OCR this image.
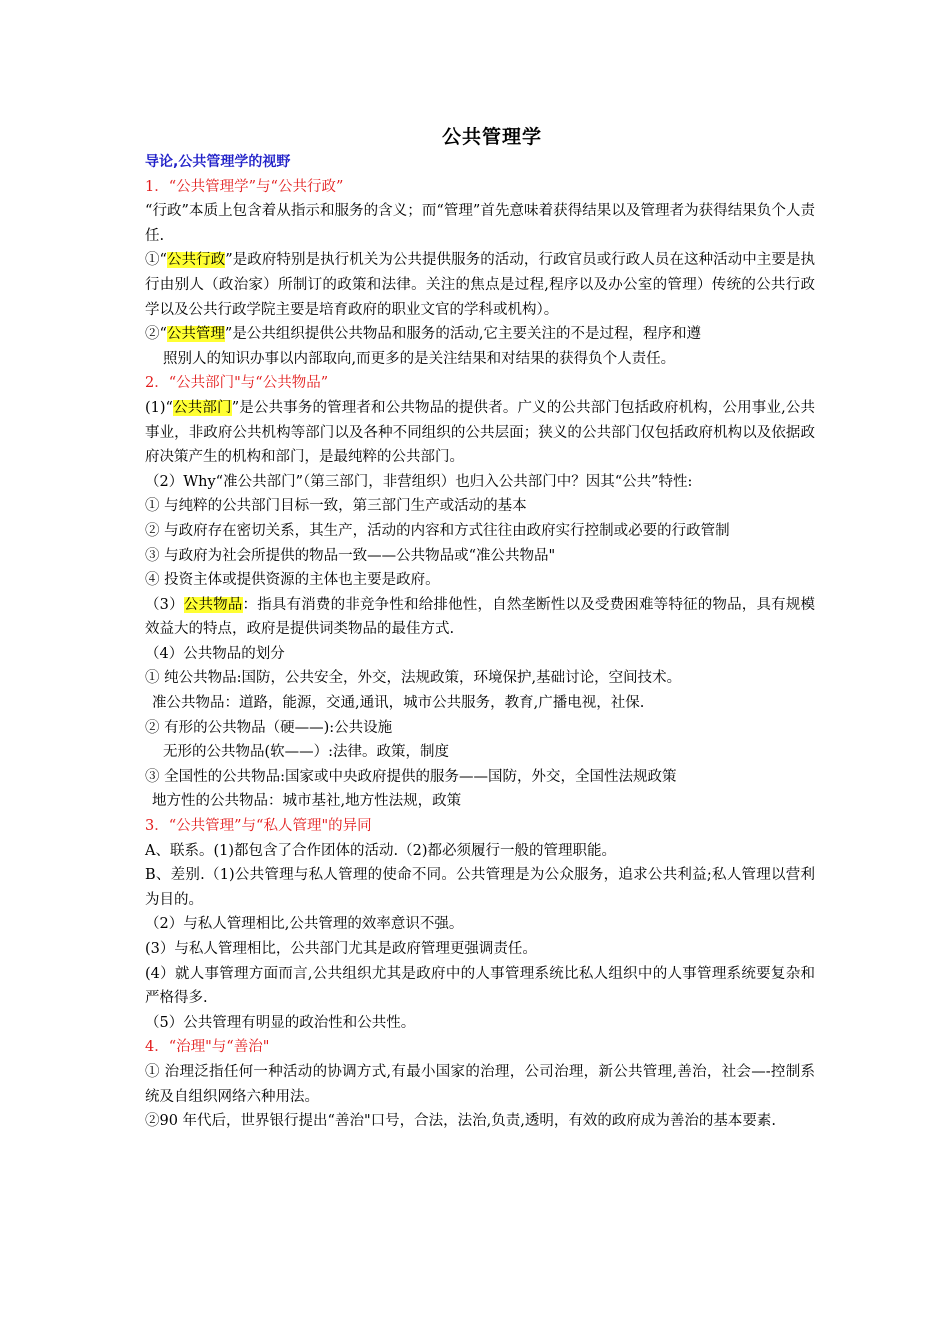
公共管理学

导论,公共管理学的视野

1．“公共管理学”与“公共行政”

“行政”本质上包含着从指示和服务的含义；而“管理”首先意味着获得结果以及管理者为获得结果负个人责任.

①“公共行政”是政府特别是执行机关为公共提供服务的活动，行政官员或行政人员在这种活动中主要是执行由别人（政治家）所制订的政策和法律。关注的焦点是过程,程序以及办公室的管理）传统的公共行政学以及公共行政学院主要是培育政府的职业文官的学科或机构）。

②“公共管理”是公共组织提供公共物品和服务的活动,它主要关注的不是过程，程序和遵

照别人的知识办事以内部取向,而更多的是关注结果和对结果的获得负个人责任。

2．“公共部门"与“公共物品”

(1)“公共部门”是公共事务的管理者和公共物品的提供者。广义的公共部门包括政府机构，公用事业,公共事业，非政府公共机构等部门以及各种不同组织的公共层面；狭义的公共部门仅包括政府机构以及依据政府决策产生的机构和部门，是最纯粹的公共部门。

（2）Why“准公共部门”（第三部门，非营组织）也归入公共部门中？因其“公共”特性:

① 与纯粹的公共部门目标一致，第三部门生产或活动的基本

② 与政府存在密切关系，其生产，活动的内容和方式往往由政府实行控制或必要的行政管制

③ 与政府为社会所提供的物品一致——公共物品或“准公共物品"

④ 投资主体或提供资源的主体也主要是政府。

（3）公共物品：指具有消费的非竞争性和给排他性，自然垄断性以及受费困难等特征的物品，具有规模效益大的特点，政府是提供词类物品的最佳方式.

（4）公共物品的划分

① 纯公共物品:国防，公共安全，外交，法规政策，环境保护,基础讨论，空间技术。

准公共物品：道路，能源，交通,通讯，城市公共服务，教育,广播电视，社保.

② 有形的公共物品（硬——):公共设施

无形的公共物品(软——）:法律。政策，制度

③ 全国性的公共物品:国家或中央政府提供的服务——国防，外交，全国性法规政策

地方性的公共物品：城市基社,地方性法规，政策

3．“公共管理”与“私人管理"的异同

A、联系。(1)都包含了合作团体的活动.（2)都必须履行一般的管理职能。

B、差别.（1)公共管理与私人管理的使命不同。公共管理是为公众服务，追求公共利益;私人管理以营利为目的。

（2）与私人管理相比,公共管理的效率意识不强。

(3）与私人管理相比，公共部门尤其是政府管理更强调责任。

(4）就人事管理方面而言,公共组织尤其是政府中的人事管理系统比私人组织中的人事管理系统要复杂和严格得多.

（5）公共管理有明显的政治性和公共性。

4．“治理"与“善治"

① 治理泛指任何一种活动的协调方式,有最小国家的治理，公司治理，新公共管理,善治，社会—-控制系统及自组织网络六种用法。

②90 年代后，世界银行提出“善治"口号，合法，法治,负责,透明，有效的政府成为善治的基本要素.
